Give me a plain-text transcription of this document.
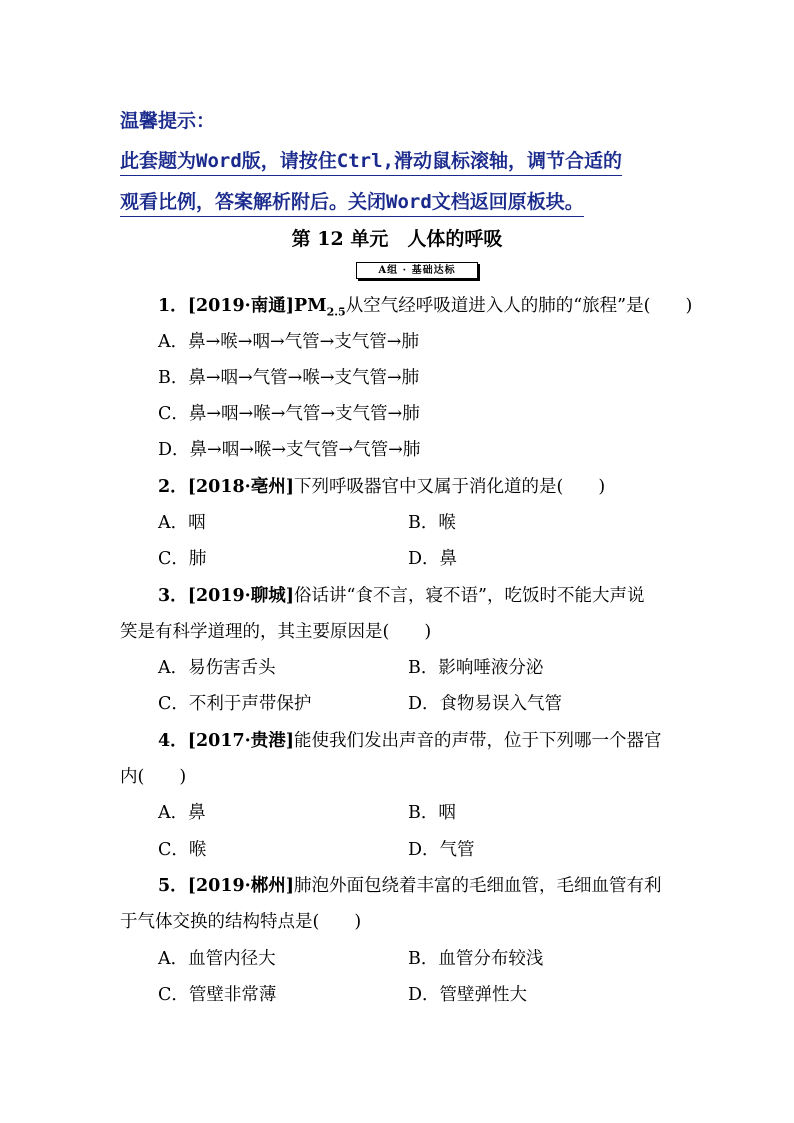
温馨提示：
此套题为Word版，请按住Ctrl,滑动鼠标滚轴，调节合适的
观看比例，答案解析附后。关闭Word文档返回原板块。
第 12 单元　人体的呼吸
A组 · 基础达标
1．[2019·南通]$PM_{2.5}$从空气经呼吸道进入人的肺的“旅程”是(　　)
A．鼻→喉→咽→气管→支气管→肺
B．鼻→咽→气管→喉→支气管→肺
C．鼻→咽→喉→气管→支气管→肺
D．鼻→咽→喉→支气管→气管→肺
2．[2018·亳州]下列呼吸器官中又属于消化道的是(　　)
A．咽	B．喉
C．肺	D．鼻
3．[2019·聊城]俗话讲“食不言，寝不语”，吃饭时不能大声说
笑是有科学道理的，其主要原因是(　　)
A．易伤害舌头	B．影响唾液分泌
C．不利于声带保护	D．食物易误入气管
4．[2017·贵港]能使我们发出声音的声带，位于下列哪一个器官
内(　　)
A．鼻	B．咽
C．喉	D．气管
5．[2019·郴州]肺泡外面包绕着丰富的毛细血管，毛细血管有利
于气体交换的结构特点是(　　)
A．血管内径大	B．血管分布较浅
C．管壁非常薄	D．管壁弹性大
